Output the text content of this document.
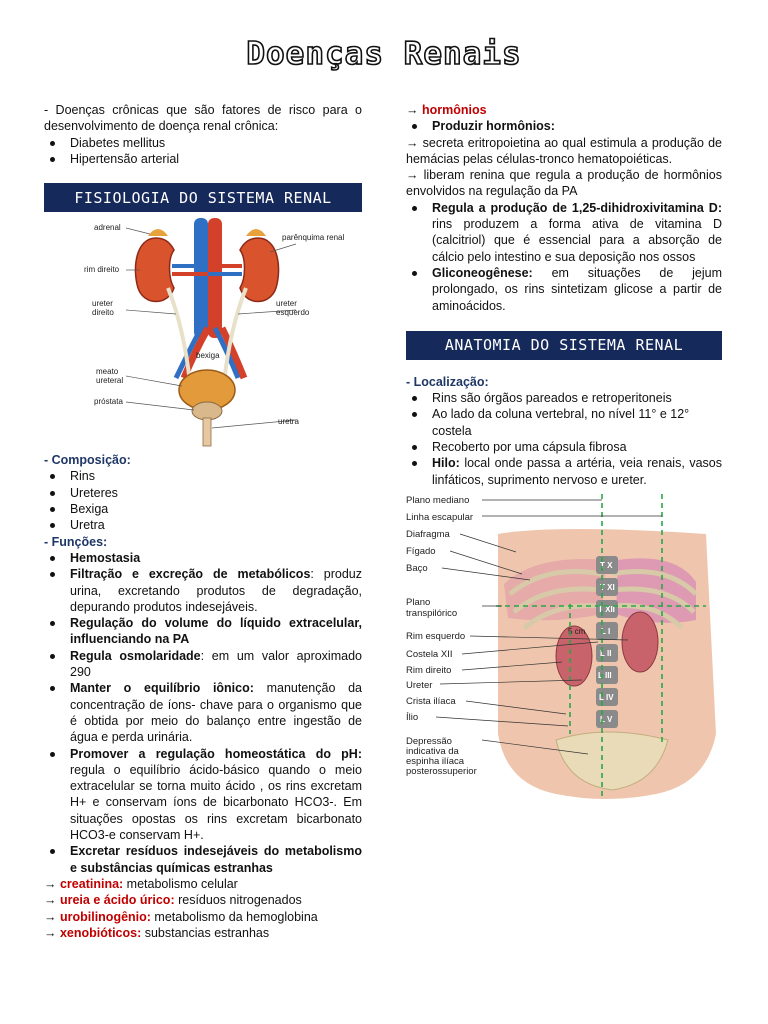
Doenças Renais

- Doenças crônicas que são fatores de risco para o desenvolvimento de doença renal crônica:

Diabetes mellitus
Hipertensão arterial
FISIOLOGIA DO SISTEMA RENAL
adrenal
parênquima renal
rim direito
ureter direito
ureter esquerdo
bexiga
meato ureteral
próstata
uretra

- Composição:

Rins
Ureteres
Bexiga
Uretra

- Funções:

Hemostasia
Filtração e excreção de metabólicos: produz urina, excretando produtos de degradação, depurando produtos indesejáveis.
Regulação do volume do líquido extracelular, influenciando na PA
Regula osmolaridade: em um valor aproximado 290
Manter o equilíbrio iônico: manutenção da concentração de íons- chave para o organismo que é obtida por meio do balanço entre ingestão de água e perda urinária.
Promover a regulação homeostática do pH: regula o equilíbrio ácido-básico quando o meio extracelular se torna muito ácido , os rins excretam H+ e conservam íons de bicarbonato HCO3-. Em situações opostas os rins excretam bicarbonato HCO3-e conservam H+.
Excretar resíduos indesejáveis do metabolismo e substâncias químicas estranhas

→ creatinina: metabolismo celular

→ ureia e ácido úrico: resíduos nitrogenados

→ urobilinogênio: metabolismo da hemoglobina

→ xenobióticos: substancias estranhas

→ hormônios

Produzir hormônios:

→ secreta eritropoietina ao qual estimula a produção de hemácias pelas células-tronco hematopoiéticas.

→ liberam renina que regula a produção de hormônios envolvidos na regulação da PA

Regula a produção de 1,25-dihidroxivitamina D: rins produzem a forma ativa de vitamina D (calcitriol) que é essencial para a absorção de cálcio pelo intestino e sua deposição nos ossos
Gliconeogênese: em situações de jejum prolongado, os rins sintetizam glicose a partir de aminoácidos.
ANATOMIA DO SISTEMA RENAL

- Localização:

Rins são órgãos pareados e retroperitoneis
Ao lado da coluna vertebral, no nível 11° e 12° costela
Recoberto por uma cápsula fibrosa
Hilo: local onde passa a artéria, veia renais, vasos linfáticos, suprimento nervoso e ureter.
T X
T XI
T XII
L I
L II
L III
L IV
L V
5 cm
Plano mediano
Linha escapular
Diafragma
Fígado
Baço
Plano transpilórico
Rim esquerdo
Costela XII
Rim direito
Ureter
Crista ilíaca
Ílio
Depressão indicativa da espinha ilíaca posterossuperior
